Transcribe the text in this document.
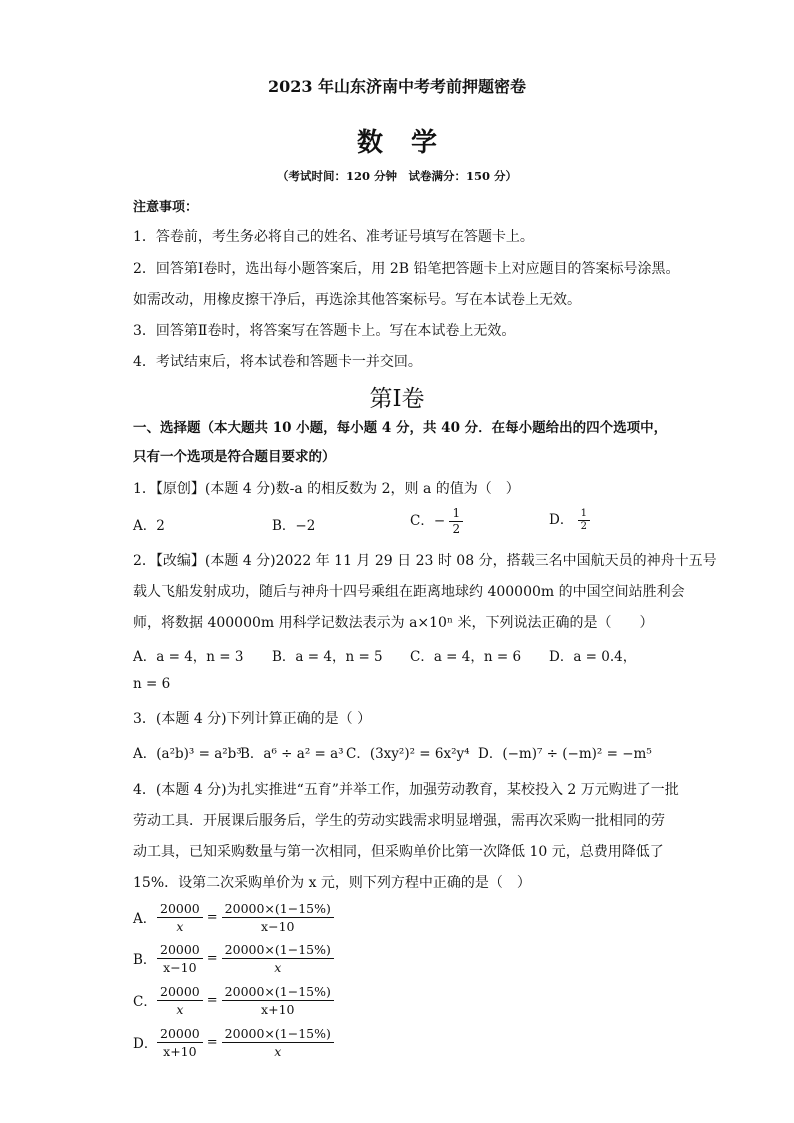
2023 年山东济南中考考前押题密卷
数学
（考试时间：120 分钟　试卷满分：150 分）
注意事项：
1．答卷前，考生务必将自己的姓名、准考证号填写在答题卡上。
2．回答第Ⅰ卷时，选出每小题答案后，用 2B 铅笔把答题卡上对应题目的答案标号涂黑。
如需改动，用橡皮擦干净后，再选涂其他答案标号。写在本试卷上无效。
3．回答第Ⅱ卷时，将答案写在答题卡上。写在本试卷上无效。
4．考试结束后，将本试卷和答题卡一并交回。
第Ⅰ卷
一、选择题（本大题共 10 小题，每小题 4 分，共 40 分．在每小题给出的四个选项中，
只有一个选项是符合题目要求的）
1．【原创】(本题 4 分)数-a 的相反数为 2，则 a 的值为（　）
A．2	B．−2	C．− $\frac{1}{2}$	D． $\frac{1}{2}$
2．【改编】(本题 4 分)2022 年 11 月 29 日 23 时 08 分，搭载三名中国航天员的神舟十五号
载人飞船发射成功，随后与神舟十四号乘组在距离地球约 400000m 的中国空间站胜利会
师，将数据 400000m 用科学记数法表示为 a×10ⁿ 米，下列说法正确的是（　　）
A．a = 4，n = 3 B．a = 4，n = 5 C．a = 4，n = 6 D．a = 0.4，
n = 6
3．(本题 4 分)下列计算正确的是（ ）
A．(a²b)³ = a²b³
B．a⁶ ÷ a² = a³ C．(3xy²)² = 6x²y⁴ D．(−m)⁷ ÷ (−m)² = −m⁵
4．(本题 4 分)为扎实推进“五育”并举工作，加强劳动教育，某校投入 2 万元购进了一批
劳动工具．开展课后服务后，学生的劳动实践需求明显增强，需再次采购一批相同的劳
动工具，已知采购数量与第一次相同，但采购单价比第一次降低 10 元，总费用降低了
15%．设第二次采购单价为 x 元，则下列方程中正确的是（　）
A． $\frac{20000}{x} = \frac{20000\times(1-15\%)}{x-10}$
B． $\frac{20000}{x-10} = \frac{20000\times(1-15\%)}{x}$
C． $\frac{20000}{x} = \frac{20000\times(1-15\%)}{x+10}$
D． $\frac{20000}{x+10} = \frac{20000\times(1-15\%)}{x}$
